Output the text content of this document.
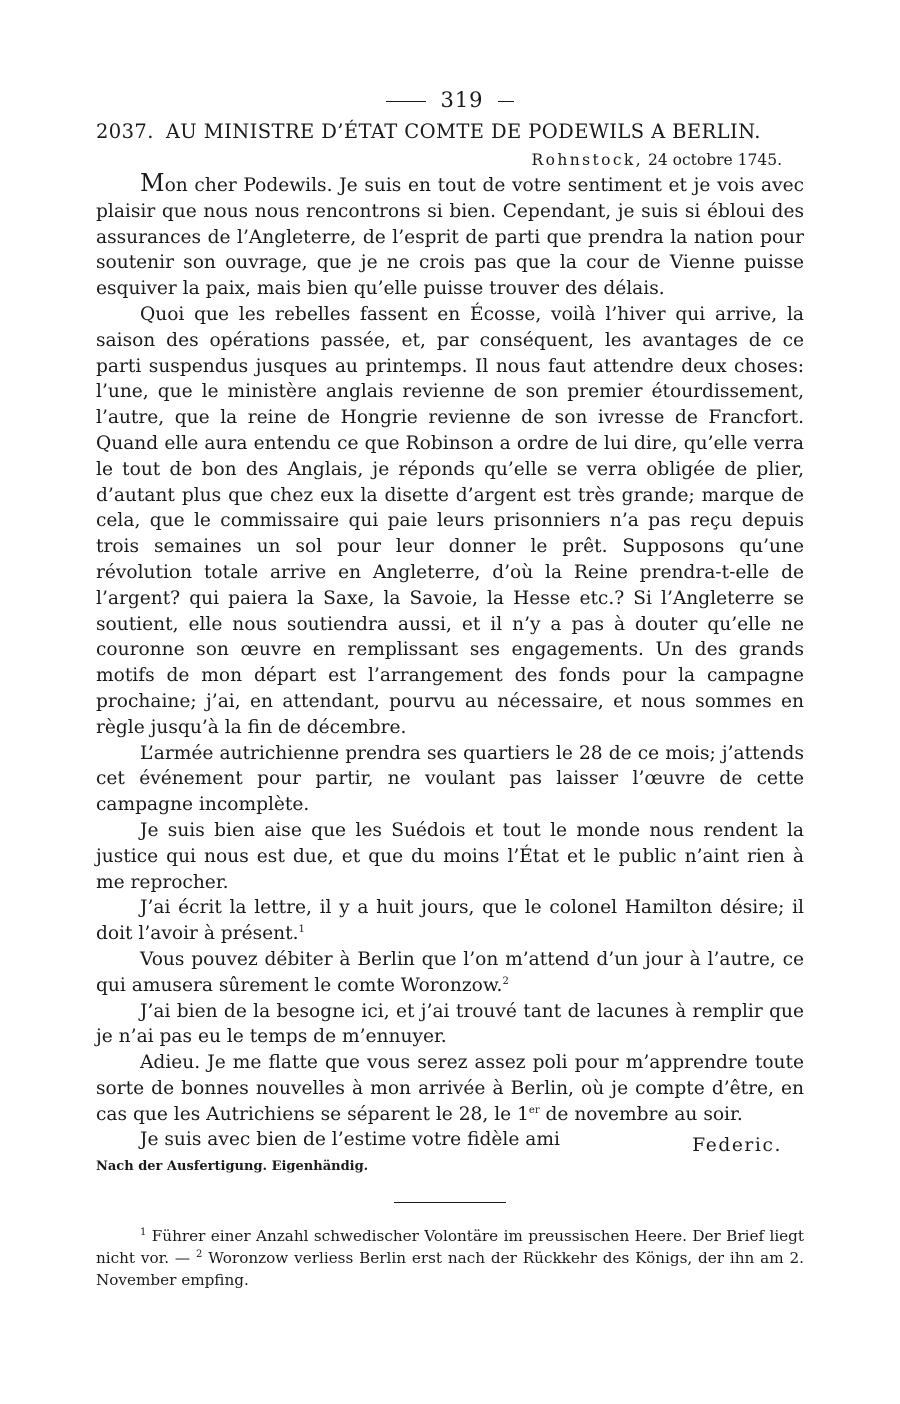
319
2037. AU MINISTRE D’ÉTAT COMTE DE PODEWILS A BERLIN.
Rohnstock, 24 octobre 1745.

Mon cher Podewils. Je suis en tout de votre sentiment et je vois avec plaisir que nous nous rencontrons si bien. Cependant, je suis si ébloui des assurances de l’Angleterre, de l’esprit de parti que prendra la nation pour soutenir son ouvrage, que je ne crois pas que la cour de Vienne puisse esquiver la paix, mais bien qu’elle puisse trouver des délais.

Quoi que les rebelles fassent en Écosse, voilà l’hiver qui arrive, la saison des opérations passée, et, par conséquent, les avantages de ce parti suspendus jusques au printemps. Il nous faut attendre deux choses: l’une, que le ministère anglais revienne de son premier étourdissement, l’autre, que la reine de Hongrie revienne de son ivresse de Francfort. Quand elle aura entendu ce que Robinson a ordre de lui dire, qu’elle verra le tout de bon des Anglais, je réponds qu’elle se verra obligée de plier, d’autant plus que chez eux la disette d’argent est très grande; marque de cela, que le commissaire qui paie leurs prisonniers n’a pas reçu depuis trois semaines un sol pour leur donner le prêt. Supposons qu’une révolution totale arrive en Angleterre, d’où la Reine prendra-t-elle de l’argent? qui paiera la Saxe, la Savoie, la Hesse etc.? Si l’Angleterre se soutient, elle nous soutiendra aussi, et il n’y a pas à douter qu’elle ne couronne son œuvre en remplissant ses engagements. Un des grands motifs de mon départ est l’arrangement des fonds pour la campagne prochaine; j’ai, en attendant, pourvu au nécessaire, et nous sommes en règle jusqu’à la fin de décembre.

L’armée autrichienne prendra ses quartiers le 28 de ce mois; j’attends cet événement pour partir, ne voulant pas laisser l’œuvre de cette campagne incomplète.

Je suis bien aise que les Suédois et tout le monde nous rendent la justice qui nous est due, et que du moins l’État et le public n’aint rien à me reprocher.

J’ai écrit la lettre, il y a huit jours, que le colonel Hamilton désire; il doit l’avoir à présent.$^1$

Vous pouvez débiter à Berlin que l’on m’attend d’un jour à l’autre, ce qui amusera sûrement le comte Woronzow.$^2$

J’ai bien de la besogne ici, et j’ai trouvé tant de lacunes à remplir que je n’ai pas eu le temps de m’ennuyer.

Adieu. Je me flatte que vous serez assez poli pour m’apprendre toute sorte de bonnes nouvelles à mon arrivée à Berlin, où je compte d’être, en cas que les Autrichiens se séparent le 28, le 1er de novembre au soir.

Je suis avec bien de l’estime votre fidèle ami	Federic.
Nach der Ausfertigung. Eigenhändig.

$^1$ Führer einer Anzahl schwedischer Volontäre im preussischen Heere. Der Brief liegt nicht vor. — $^2$ Woronzow verliess Berlin erst nach der Rückkehr des Königs, der ihn am 2. November empfing.
